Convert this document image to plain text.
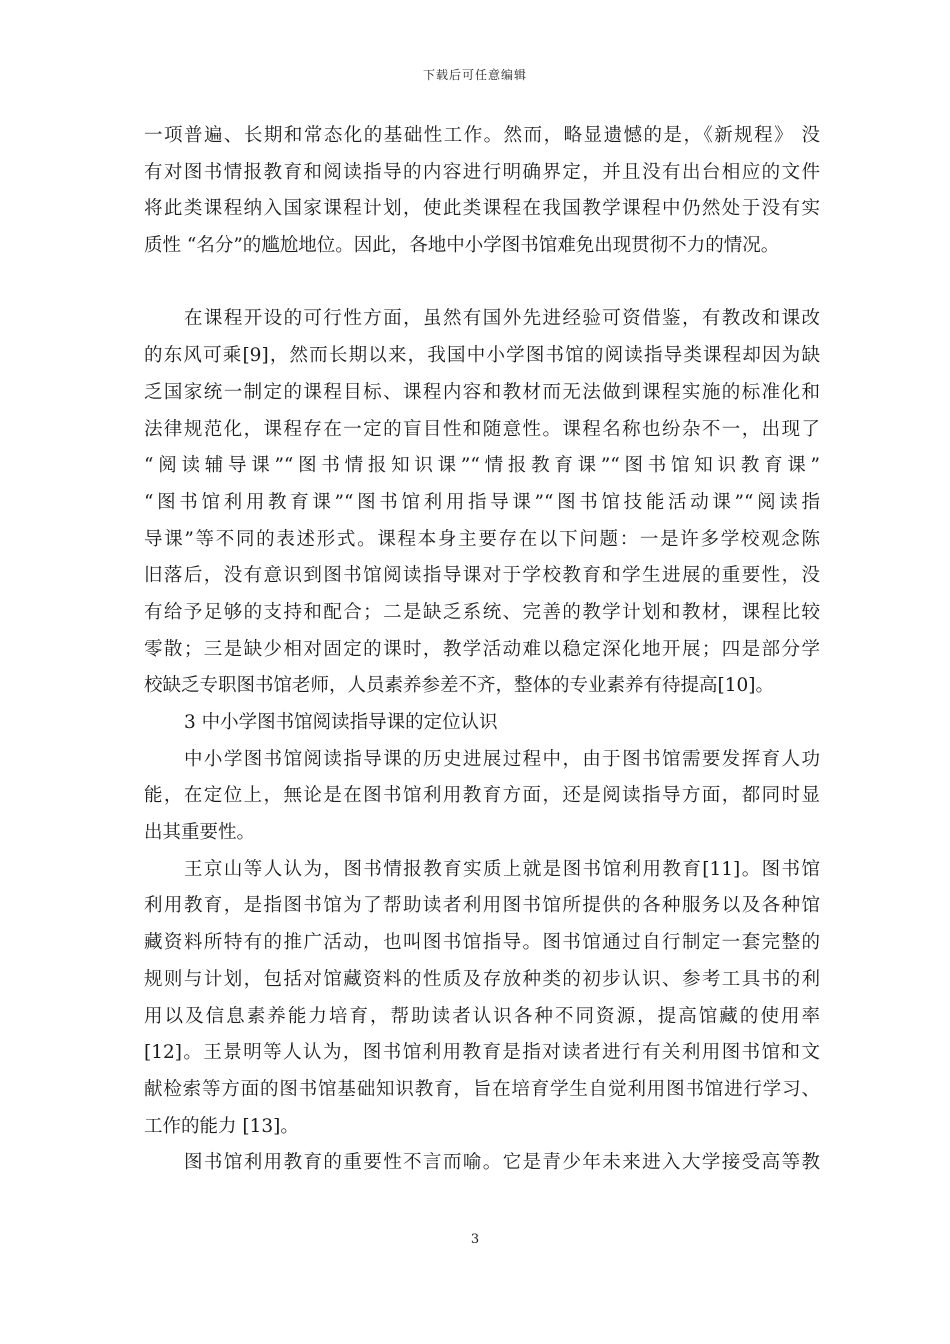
下载后可任意编辑
一项普遍、长期和常态化的基础性工作。然而，略显遗憾的是，《新规程》 没
有对图书情报教育和阅读指导的内容进行明确界定，并且没有出台相应的文件
将此类课程纳入国家课程计划，使此类课程在我国教学课程中仍然处于没有实
质性 “名分”的尴尬地位。因此，各地中小学图书馆难免出现贯彻不力的情况。
在课程开设的可行性方面，虽然有国外先进经验可资借鉴，有教改和课改
的东风可乘[9]，然而长期以来，我国中小学图书馆的阅读指导类课程却因为缺
乏国家统一制定的课程目标、课程内容和教材而无法做到课程实施的标准化和
法律规范化，课程存在一定的盲目性和随意性。课程名称也纷杂不一，出现了
“阅读辅导课”“图书情报知识课”“情报教育课”“图书馆知识教育课”
“图书馆利用教育课”“图书馆利用指导课”“图书馆技能活动课”“阅读指
导课”等不同的表述形式。课程本身主要存在以下问题：一是许多学校观念陈
旧落后，没有意识到图书馆阅读指导课对于学校教育和学生进展的重要性，没
有给予足够的支持和配合；二是缺乏系统、完善的教学计划和教材，课程比较
零散；三是缺少相对固定的课时，教学活动难以稳定深化地开展；四是部分学
校缺乏专职图书馆老师，人员素养参差不齐，整体的专业素养有待提高[10]。
3 中小学图书馆阅读指导课的定位认识
中小学图书馆阅读指导课的历史进展过程中，由于图书馆需要发挥育人功
能，在定位上，無论是在图书馆利用教育方面，还是阅读指导方面，都同时显
出其重要性。
王京山等人认为，图书情报教育实质上就是图书馆利用教育[11]。图书馆
利用教育，是指图书馆为了帮助读者利用图书馆所提供的各种服务以及各种馆
藏资料所特有的推广活动，也叫图书馆指导。图书馆通过自行制定一套完整的
规则与计划，包括对馆藏资料的性质及存放种类的初步认识、参考工具书的利
用以及信息素养能力培育，帮助读者认识各种不同资源，提高馆藏的使用率
[12]。王景明等人认为，图书馆利用教育是指对读者进行有关利用图书馆和文
献检索等方面的图书馆基础知识教育，旨在培育学生自觉利用图书馆进行学习、
工作的能力 [13]。
图书馆利用教育的重要性不言而喻。它是青少年未来进入大学接受高等教
3
